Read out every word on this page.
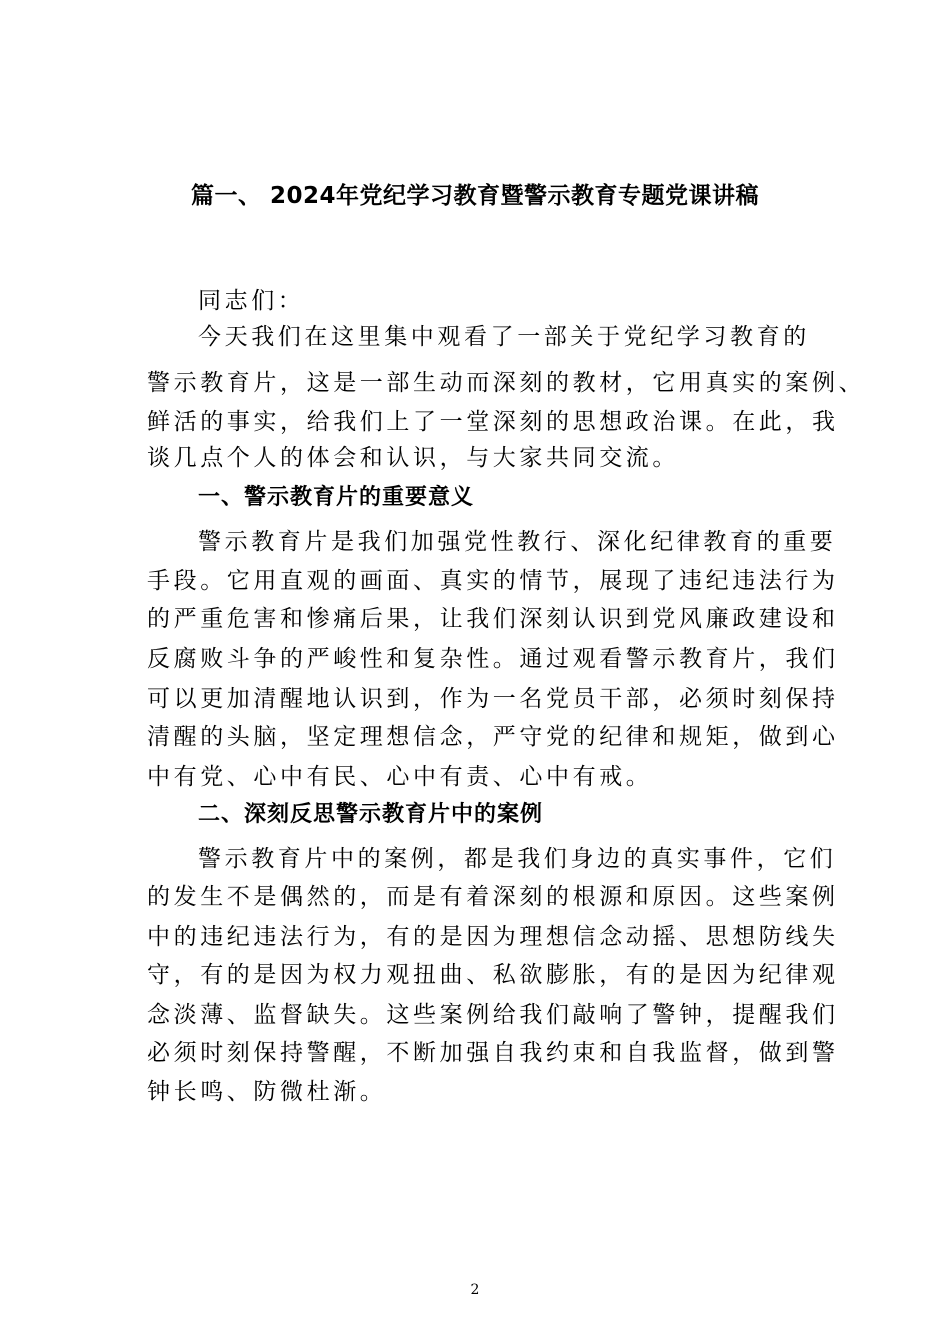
篇一、 2024年党纪学习教育暨警示教育专题党课讲稿
同志们：
今天我们在这里集中观看了一部关于党纪学习教育的
警示教育片，这是一部生动而深刻的教材，它用真实的案例、
鲜活的事实，给我们上了一堂深刻的思想政治课。在此，我
谈几点个人的体会和认识，与大家共同交流。
一、警示教育片的重要意义
警示教育片是我们加强党性教行、深化纪律教育的重要
手段。它用直观的画面、真实的情节，展现了违纪违法行为
的严重危害和惨痛后果，让我们深刻认识到党风廉政建设和
反腐败斗争的严峻性和复杂性。通过观看警示教育片，我们
可以更加清醒地认识到，作为一名党员干部，必须时刻保持
清醒的头脑，坚定理想信念，严守党的纪律和规矩，做到心
中有党、心中有民、心中有责、心中有戒。
二、深刻反思警示教育片中的案例
警示教育片中的案例，都是我们身边的真实事件，它们
的发生不是偶然的，而是有着深刻的根源和原因。这些案例
中的违纪违法行为，有的是因为理想信念动摇、思想防线失
守，有的是因为权力观扭曲、私欲膨胀，有的是因为纪律观
念淡薄、监督缺失。这些案例给我们敲响了警钟，提醒我们
必须时刻保持警醒，不断加强自我约束和自我监督，做到警
钟长鸣、防微杜渐。
2
